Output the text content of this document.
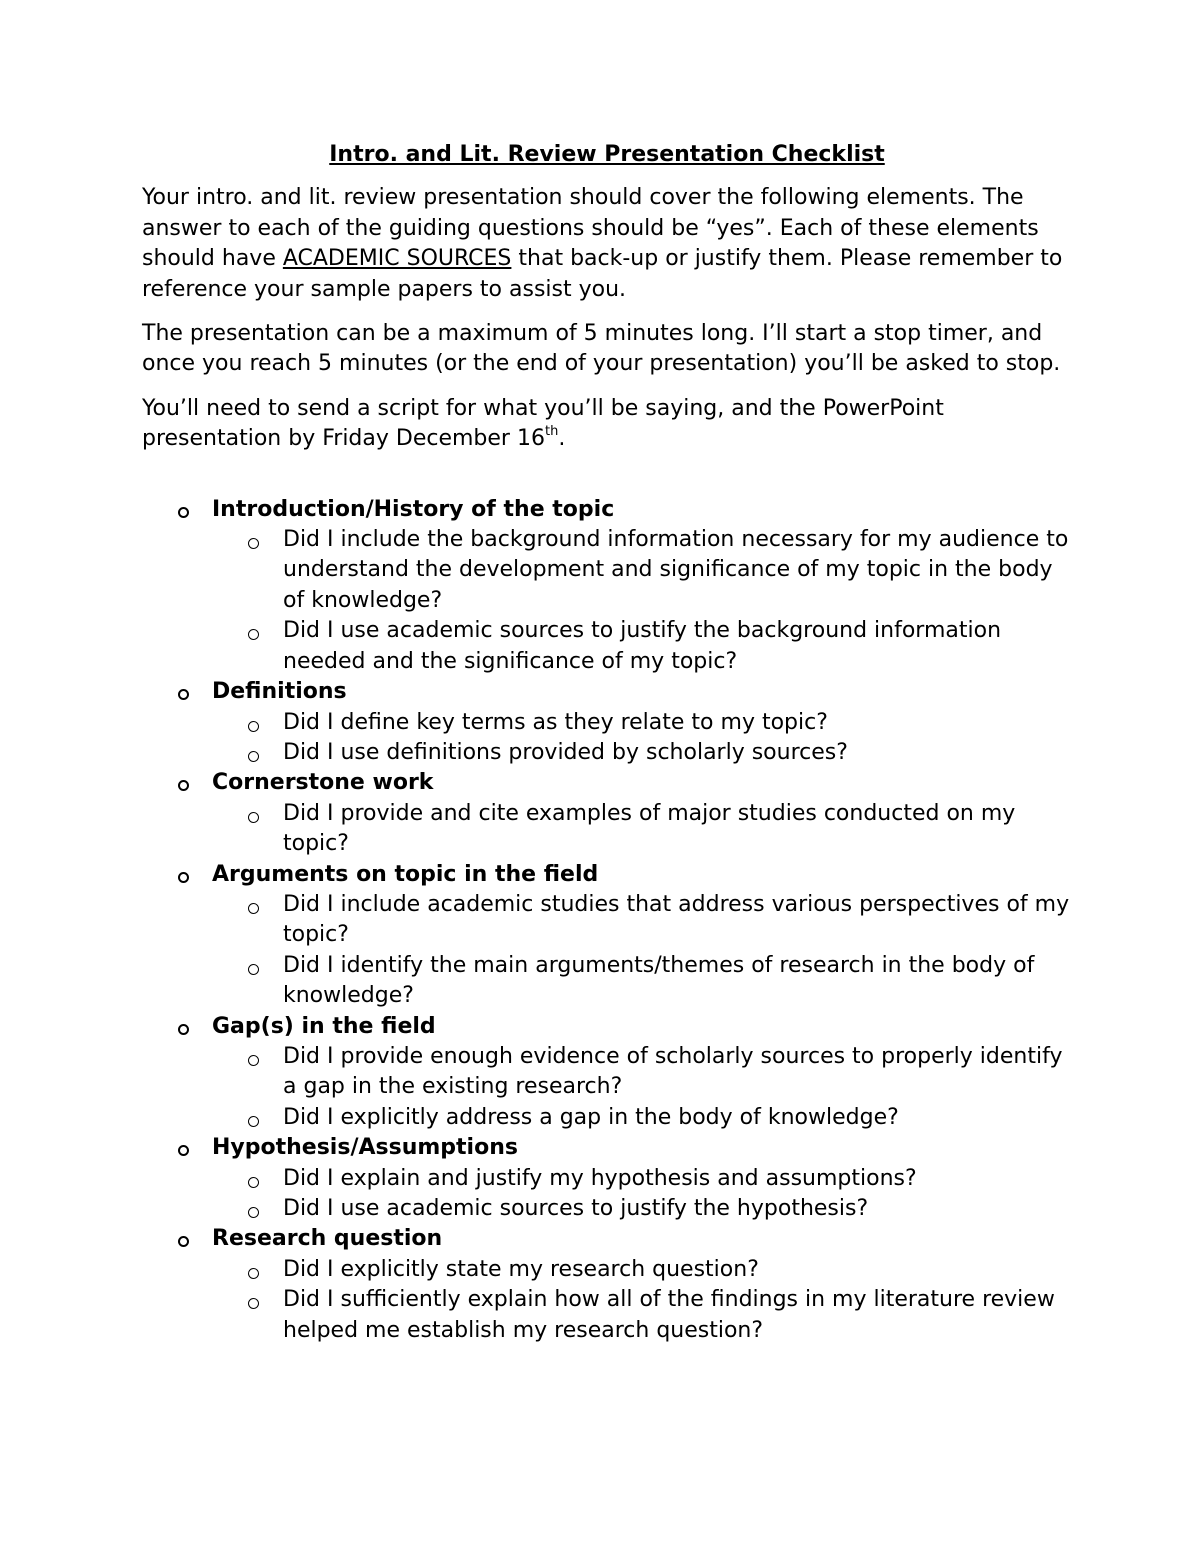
Intro. and Lit. Review Presentation Checklist

Your intro. and lit. review presentation should cover the following elements. The answer to each of the guiding questions should be “yes”. Each of these elements should have ACADEMIC SOURCES that back-up or justify them. Please remember to reference your sample papers to assist you.

The presentation can be a maximum of 5 minutes long. I’ll start a stop timer, and once you reach 5 minutes (or the end of your presentation) you’ll be asked to stop.

You’ll need to send a script for what you’ll be saying, and the PowerPoint presentation by Friday December 16th.

Introduction/History of the topic
Did I include the background information necessary for my audience to understand the development and significance of my topic in the body of knowledge?
Did I use academic sources to justify the background information needed and the significance of my topic?
Definitions
Did I define key terms as they relate to my topic?
Did I use definitions provided by scholarly sources?
Cornerstone work
Did I provide and cite examples of major studies conducted on my topic?
Arguments on topic in the field
Did I include academic studies that address various perspectives of my topic?
Did I identify the main arguments/themes of research in the body of knowledge?
Gap(s) in the field
Did I provide enough evidence of scholarly sources to properly identify a gap in the existing research?
Did I explicitly address a gap in the body of knowledge?
Hypothesis/Assumptions
Did I explain and justify my hypothesis and assumptions?
Did I use academic sources to justify the hypothesis?
Research question
Did I explicitly state my research question?
Did I sufficiently explain how all of the findings in my literature review helped me establish my research question?
